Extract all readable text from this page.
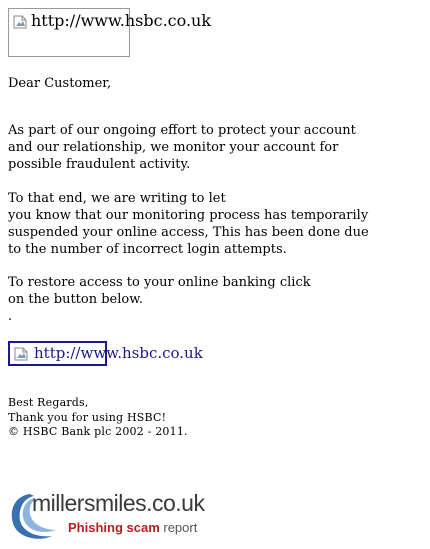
http://www.hsbc.co.uk

Dear Customer,

As part of our ongoing effort to protect your account
and our relationship, we monitor your account for
possible fraudulent activity.

To that end, we are writing to let
you know that our monitoring process has temporarily
suspended your online access, This has been done due
to the number of incorrect login attempts.

To restore access to your online banking click
on the button below.
.

http://www.hsbc.co.uk

Best Regards,
Thank you for using HSBC!
© HSBC Bank plc 2002 - 2011.

millersmiles.co.uk
Phishing scam report
